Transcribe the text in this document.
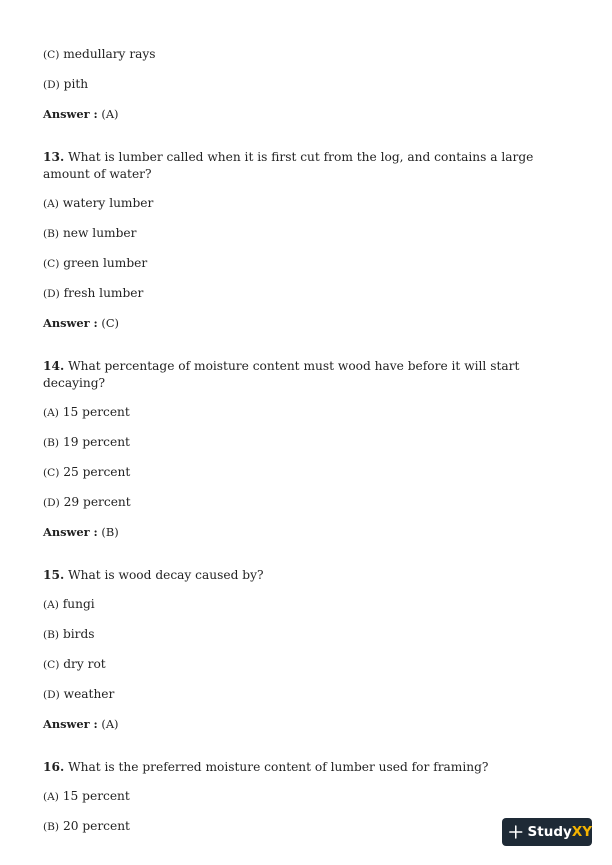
(C) medullary rays

(D) pith

Answer : (A)

13. What is lumber called when it is first cut from the log, and contains a large amount of water?

(A) watery lumber

(B) new lumber

(C) green lumber

(D) fresh lumber

Answer : (C)

14. What percentage of moisture content must wood have before it will start decaying?

(A) 15 percent

(B) 19 percent

(C) 25 percent

(D) 29 percent

Answer : (B)

15. What is wood decay caused by?

(A) fungi

(B) birds

(C) dry rot

(D) weather

Answer : (A)

16. What is the preferred moisture content of lumber used for framing?

(A) 15 percent

(B) 20 percent	Study XY
